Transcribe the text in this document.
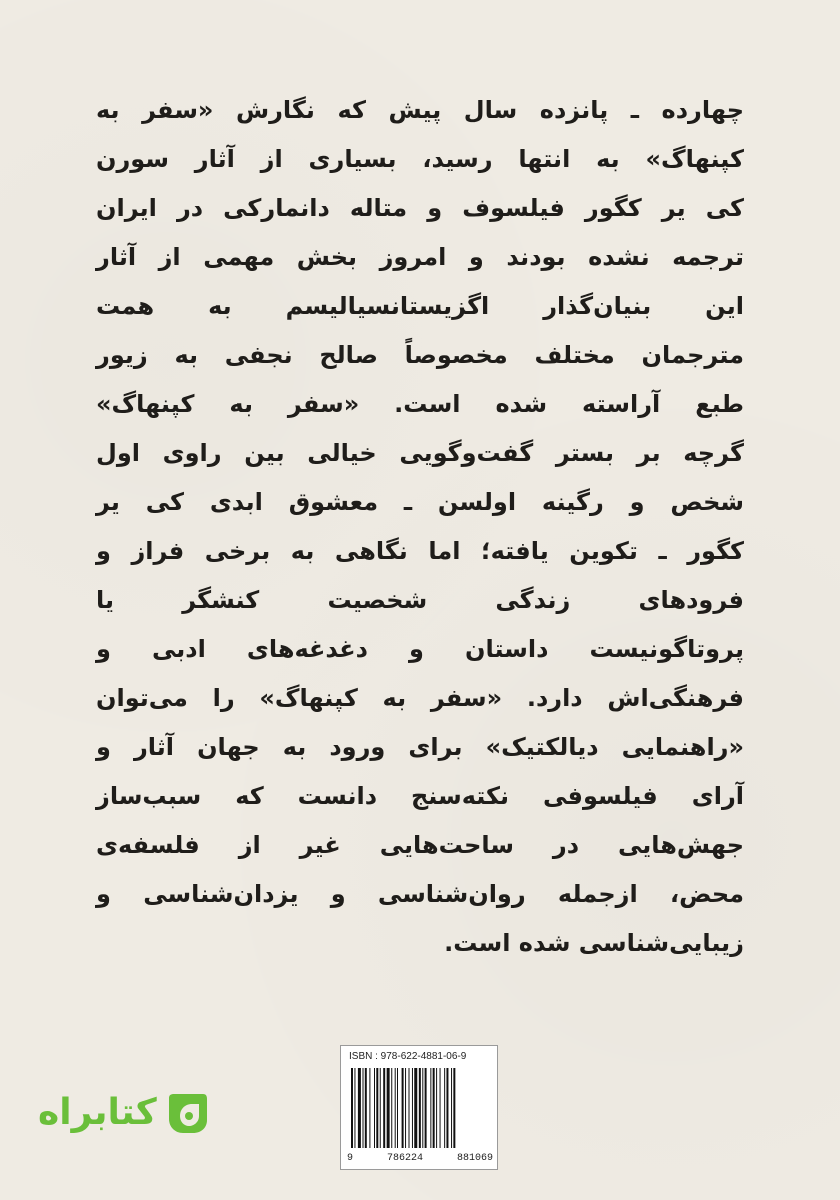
چهارده ـ پانزده سال پیش که نگارش «سفر به
کپنهاگ» به انتها رسید، بسیاری از آثار سورن
کی یر کگور فیلسوف و متاله دانمارکی در ایران
ترجمه نشده بودند و امروز بخش مهمی از آثار
این بنیان‌گذار اگزیستانسیالیسم به همت
مترجمان مختلف مخصوصاً صالح نجفی به زیور
طبع آراسته شده است. «سفر به کپنهاگ»
گرچه بر بستر گفت‌وگویی خیالی بین راوی اول
شخص و رگینه اولسن ـ معشوق ابدی کی یر
کگور ـ تکوین یافته؛ اما نگاهی به برخی فراز و
فرودهای زندگی شخصیت کنشگر یا
پروتاگونیست داستان و دغدغه‌های ادبی و
فرهنگی‌اش دارد. «سفر به کپنهاگ» را می‌توان
«راهنمایی دیالکتیک» برای ورود به جهان آثار و
آرای فیلسوفی نکته‌سنج دانست که سبب‌ساز
جهش‌هایی در ساحت‌هایی غیر از فلسفه‌ی
محض، ازجمله روان‌شناسی و یزدان‌شناسی و
زیبایی‌شناسی شده است.
ISBN : 978-622-4881-06-9
9	786224	881069
کتابراه
